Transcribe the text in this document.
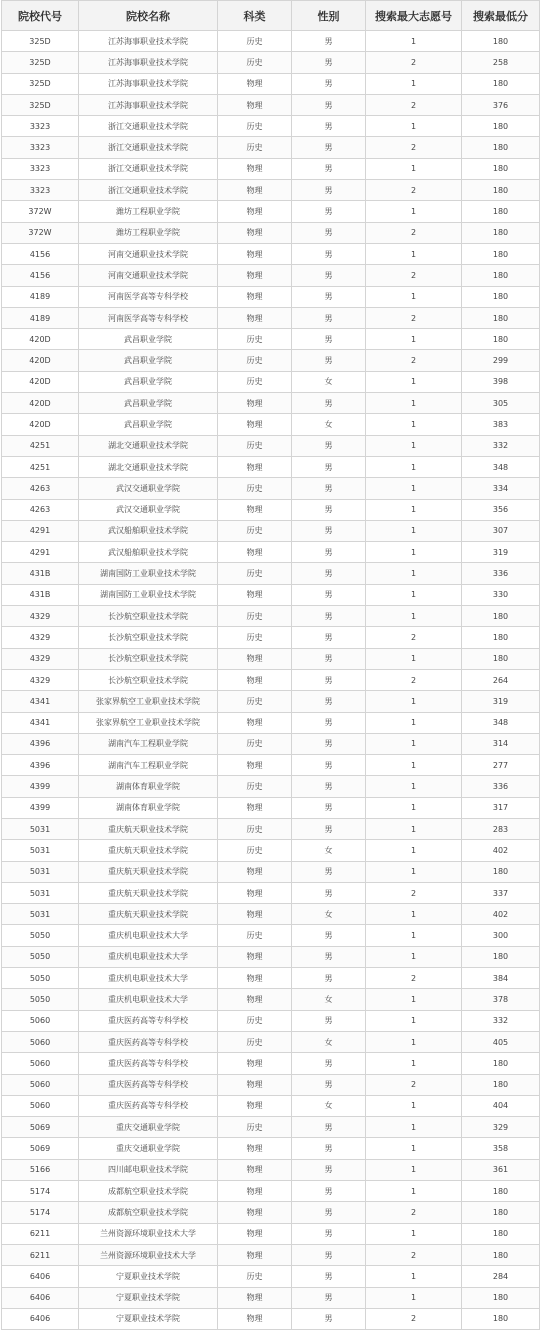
院校代号	院校名称	科类	性别	搜索最大志愿号	搜索最低分
325D	江苏海事职业技术学院	历史	男	1	180
325D	江苏海事职业技术学院	历史	男	2	258
325D	江苏海事职业技术学院	物理	男	1	180
325D	江苏海事职业技术学院	物理	男	2	376
3323	浙江交通职业技术学院	历史	男	1	180
3323	浙江交通职业技术学院	历史	男	2	180
3323	浙江交通职业技术学院	物理	男	1	180
3323	浙江交通职业技术学院	物理	男	2	180
372W	潍坊工程职业学院	物理	男	1	180
372W	潍坊工程职业学院	物理	男	2	180
4156	河南交通职业技术学院	物理	男	1	180
4156	河南交通职业技术学院	物理	男	2	180
4189	河南医学高等专科学校	物理	男	1	180
4189	河南医学高等专科学校	物理	男	2	180
420D	武昌职业学院	历史	男	1	180
420D	武昌职业学院	历史	男	2	299
420D	武昌职业学院	历史	女	1	398
420D	武昌职业学院	物理	男	1	305
420D	武昌职业学院	物理	女	1	383
4251	湖北交通职业技术学院	历史	男	1	332
4251	湖北交通职业技术学院	物理	男	1	348
4263	武汉交通职业学院	历史	男	1	334
4263	武汉交通职业学院	物理	男	1	356
4291	武汉船舶职业技术学院	历史	男	1	307
4291	武汉船舶职业技术学院	物理	男	1	319
431B	湖南国防工业职业技术学院	历史	男	1	336
431B	湖南国防工业职业技术学院	物理	男	1	330
4329	长沙航空职业技术学院	历史	男	1	180
4329	长沙航空职业技术学院	历史	男	2	180
4329	长沙航空职业技术学院	物理	男	1	180
4329	长沙航空职业技术学院	物理	男	2	264
4341	张家界航空工业职业技术学院	历史	男	1	319
4341	张家界航空工业职业技术学院	物理	男	1	348
4396	湖南汽车工程职业学院	历史	男	1	314
4396	湖南汽车工程职业学院	物理	男	1	277
4399	湖南体育职业学院	历史	男	1	336
4399	湖南体育职业学院	物理	男	1	317
5031	重庆航天职业技术学院	历史	男	1	283
5031	重庆航天职业技术学院	历史	女	1	402
5031	重庆航天职业技术学院	物理	男	1	180
5031	重庆航天职业技术学院	物理	男	2	337
5031	重庆航天职业技术学院	物理	女	1	402
5050	重庆机电职业技术大学	历史	男	1	300
5050	重庆机电职业技术大学	物理	男	1	180
5050	重庆机电职业技术大学	物理	男	2	384
5050	重庆机电职业技术大学	物理	女	1	378
5060	重庆医药高等专科学校	历史	男	1	332
5060	重庆医药高等专科学校	历史	女	1	405
5060	重庆医药高等专科学校	物理	男	1	180
5060	重庆医药高等专科学校	物理	男	2	180
5060	重庆医药高等专科学校	物理	女	1	404
5069	重庆交通职业学院	历史	男	1	329
5069	重庆交通职业学院	物理	男	1	358
5166	四川邮电职业技术学院	物理	男	1	361
5174	成都航空职业技术学院	物理	男	1	180
5174	成都航空职业技术学院	物理	男	2	180
6211	兰州资源环境职业技术大学	物理	男	1	180
6211	兰州资源环境职业技术大学	物理	男	2	180
6406	宁夏职业技术学院	历史	男	1	284
6406	宁夏职业技术学院	物理	男	1	180
6406	宁夏职业技术学院	物理	男	2	180
